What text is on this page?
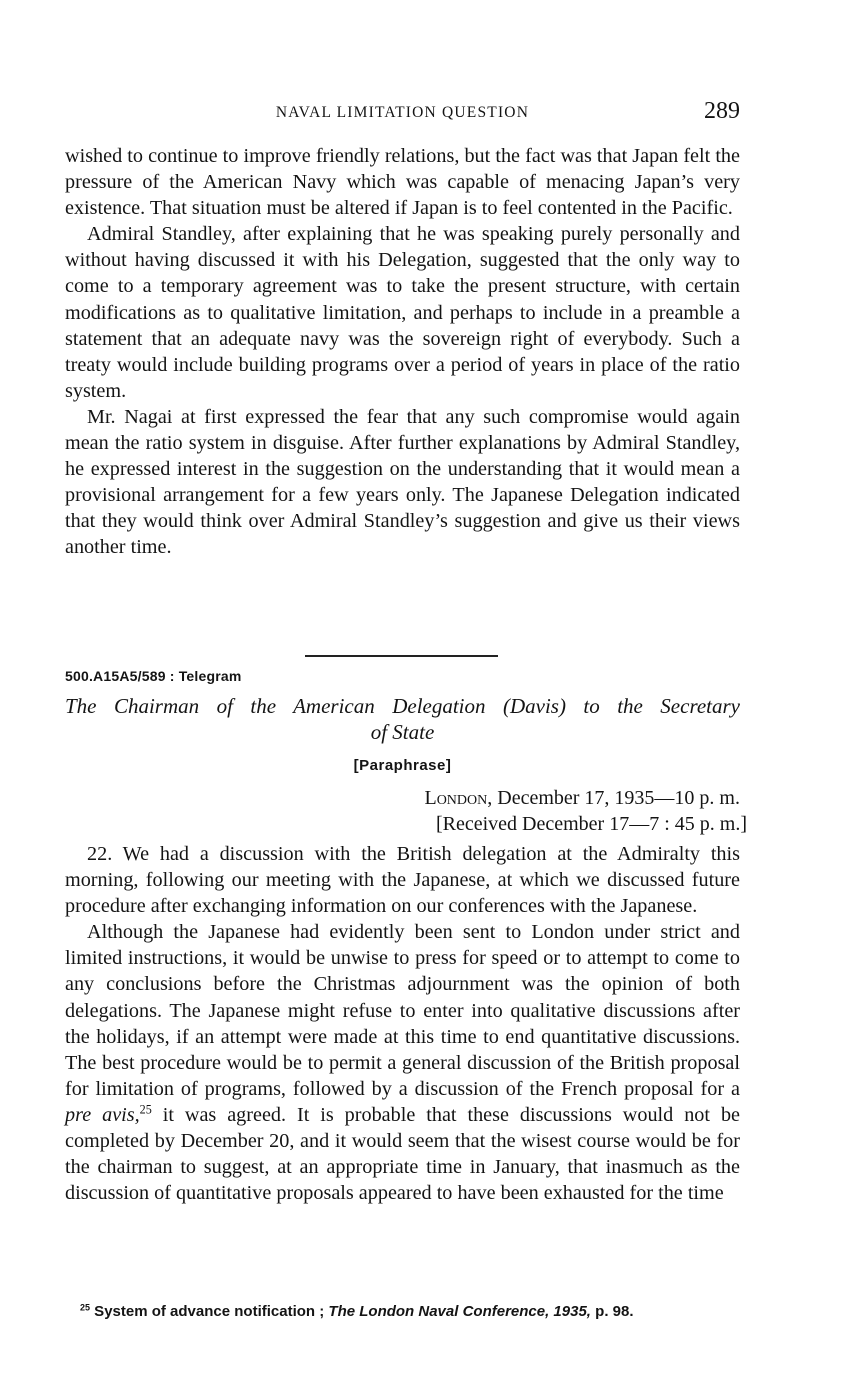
NAVAL LIMITATION QUESTION	289

wished to continue to improve friendly relations, but the fact was that Japan felt the pressure of the American Navy which was capable of menacing Japan’s very existence. That situation must be altered if Japan is to feel contented in the Pacific.

Admiral Standley, after explaining that he was speaking purely personally and without having discussed it with his Delegation, suggested that the only way to come to a temporary agreement was to take the present structure, with certain modifications as to qualitative limitation, and perhaps to include in a preamble a statement that an adequate navy was the sovereign right of everybody. Such a treaty would include building programs over a period of years in place of the ratio system.

Mr. Nagai at first expressed the fear that any such compromise would again mean the ratio system in disguise. After further explanations by Admiral Standley, he expressed interest in the suggestion on the understanding that it would mean a provisional arrangement for a few years only. The Japanese Delegation indicated that they would think over Admiral Standley’s suggestion and give us their views another time.

500.A15A5/589 : Telegram
The Chairman of the American Delegation (Davis) to the Secretary
of State
[Paraphrase]
London, December 17, 1935—10 p. m.
[Received December 17—7 : 45 p. m.]

22. We had a discussion with the British delegation at the Admiralty this morning, following our meeting with the Japanese, at which we discussed future procedure after exchanging information on our conferences with the Japanese.

Although the Japanese had evidently been sent to London under strict and limited instructions, it would be unwise to press for speed or to attempt to come to any conclusions before the Christmas adjournment was the opinion of both delegations. The Japanese might refuse to enter into qualitative discussions after the holidays, if an attempt were made at this time to end quantitative discussions. The best procedure would be to permit a general discussion of the British proposal for limitation of programs, followed by a discussion of the French proposal for a pre avis,$^{25}$ it was agreed. It is probable that these discussions would not be completed by December 20, and it would seem that the wisest course would be for the chairman to suggest, at an appropriate time in January, that inasmuch as the discussion of quantitative proposals appeared to have been exhausted for the time

$^{25}$ System of advance notification ; The London Naval Conference, 1935, p. 98.
